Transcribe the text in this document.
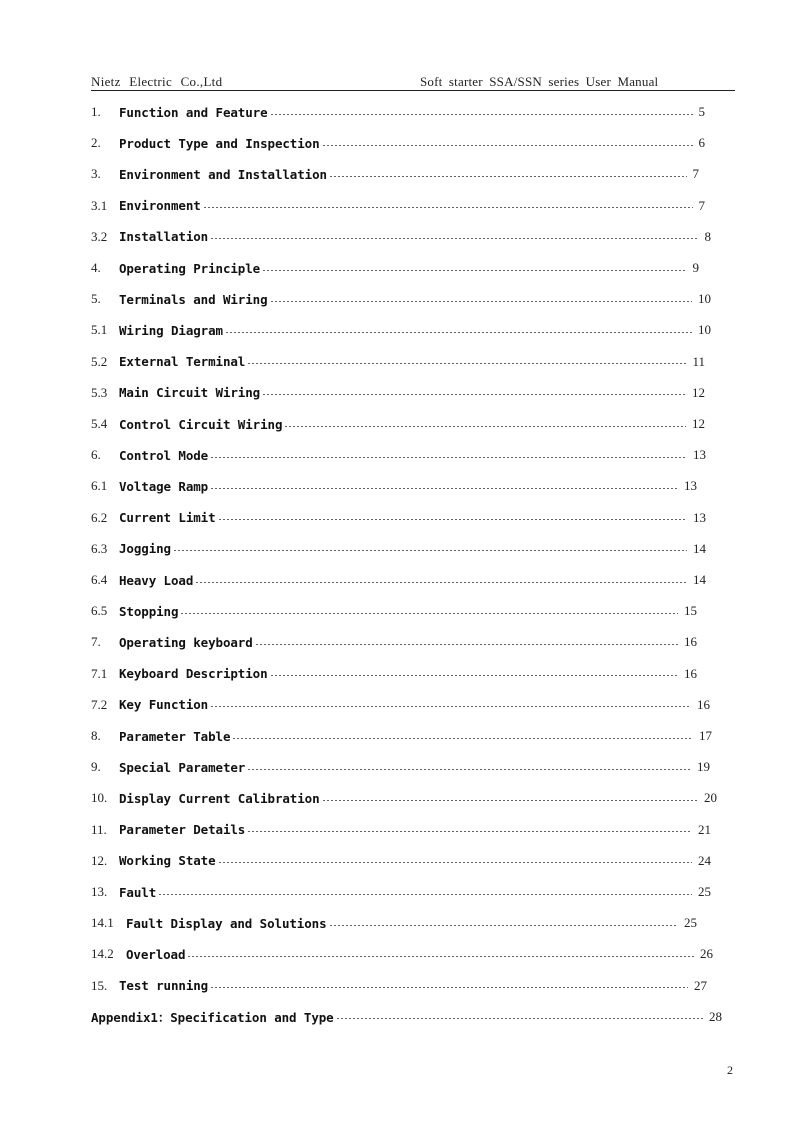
Nietz Electric Co.,Ltd	Soft starter SSA/SSN series User Manual
1.	Function and Feature	5
2.	Product Type and Inspection	6
3.	Environment and Installation	7
3.1 Environment	7
3.2 Installation	8
4.	Operating Principle	9
5.	Terminals and Wiring	10
5.1 Wiring Diagram	10
5.2 External Terminal	11
5.3 Main Circuit Wiring	12
5.4 Control Circuit Wiring	12
6.	Control Mode	13
6.1 Voltage Ramp	13
6.2 Current Limit	13
6.3 Jogging	14
6.4 Heavy Load	14
6.5 Stopping	15
7.	Operating keyboard	16
7.1 Keyboard Description	16
7.2 Key Function	16
8.	Parameter Table	17
9.	Special Parameter	19
10. Display Current Calibration	20
11. Parameter Details	21
12. Working State	24
13. Fault	25
14.1 Fault Display and Solutions	25
14.2 Overload	26
15. Test running	27
Appendix1：Specification and Type	28
2
